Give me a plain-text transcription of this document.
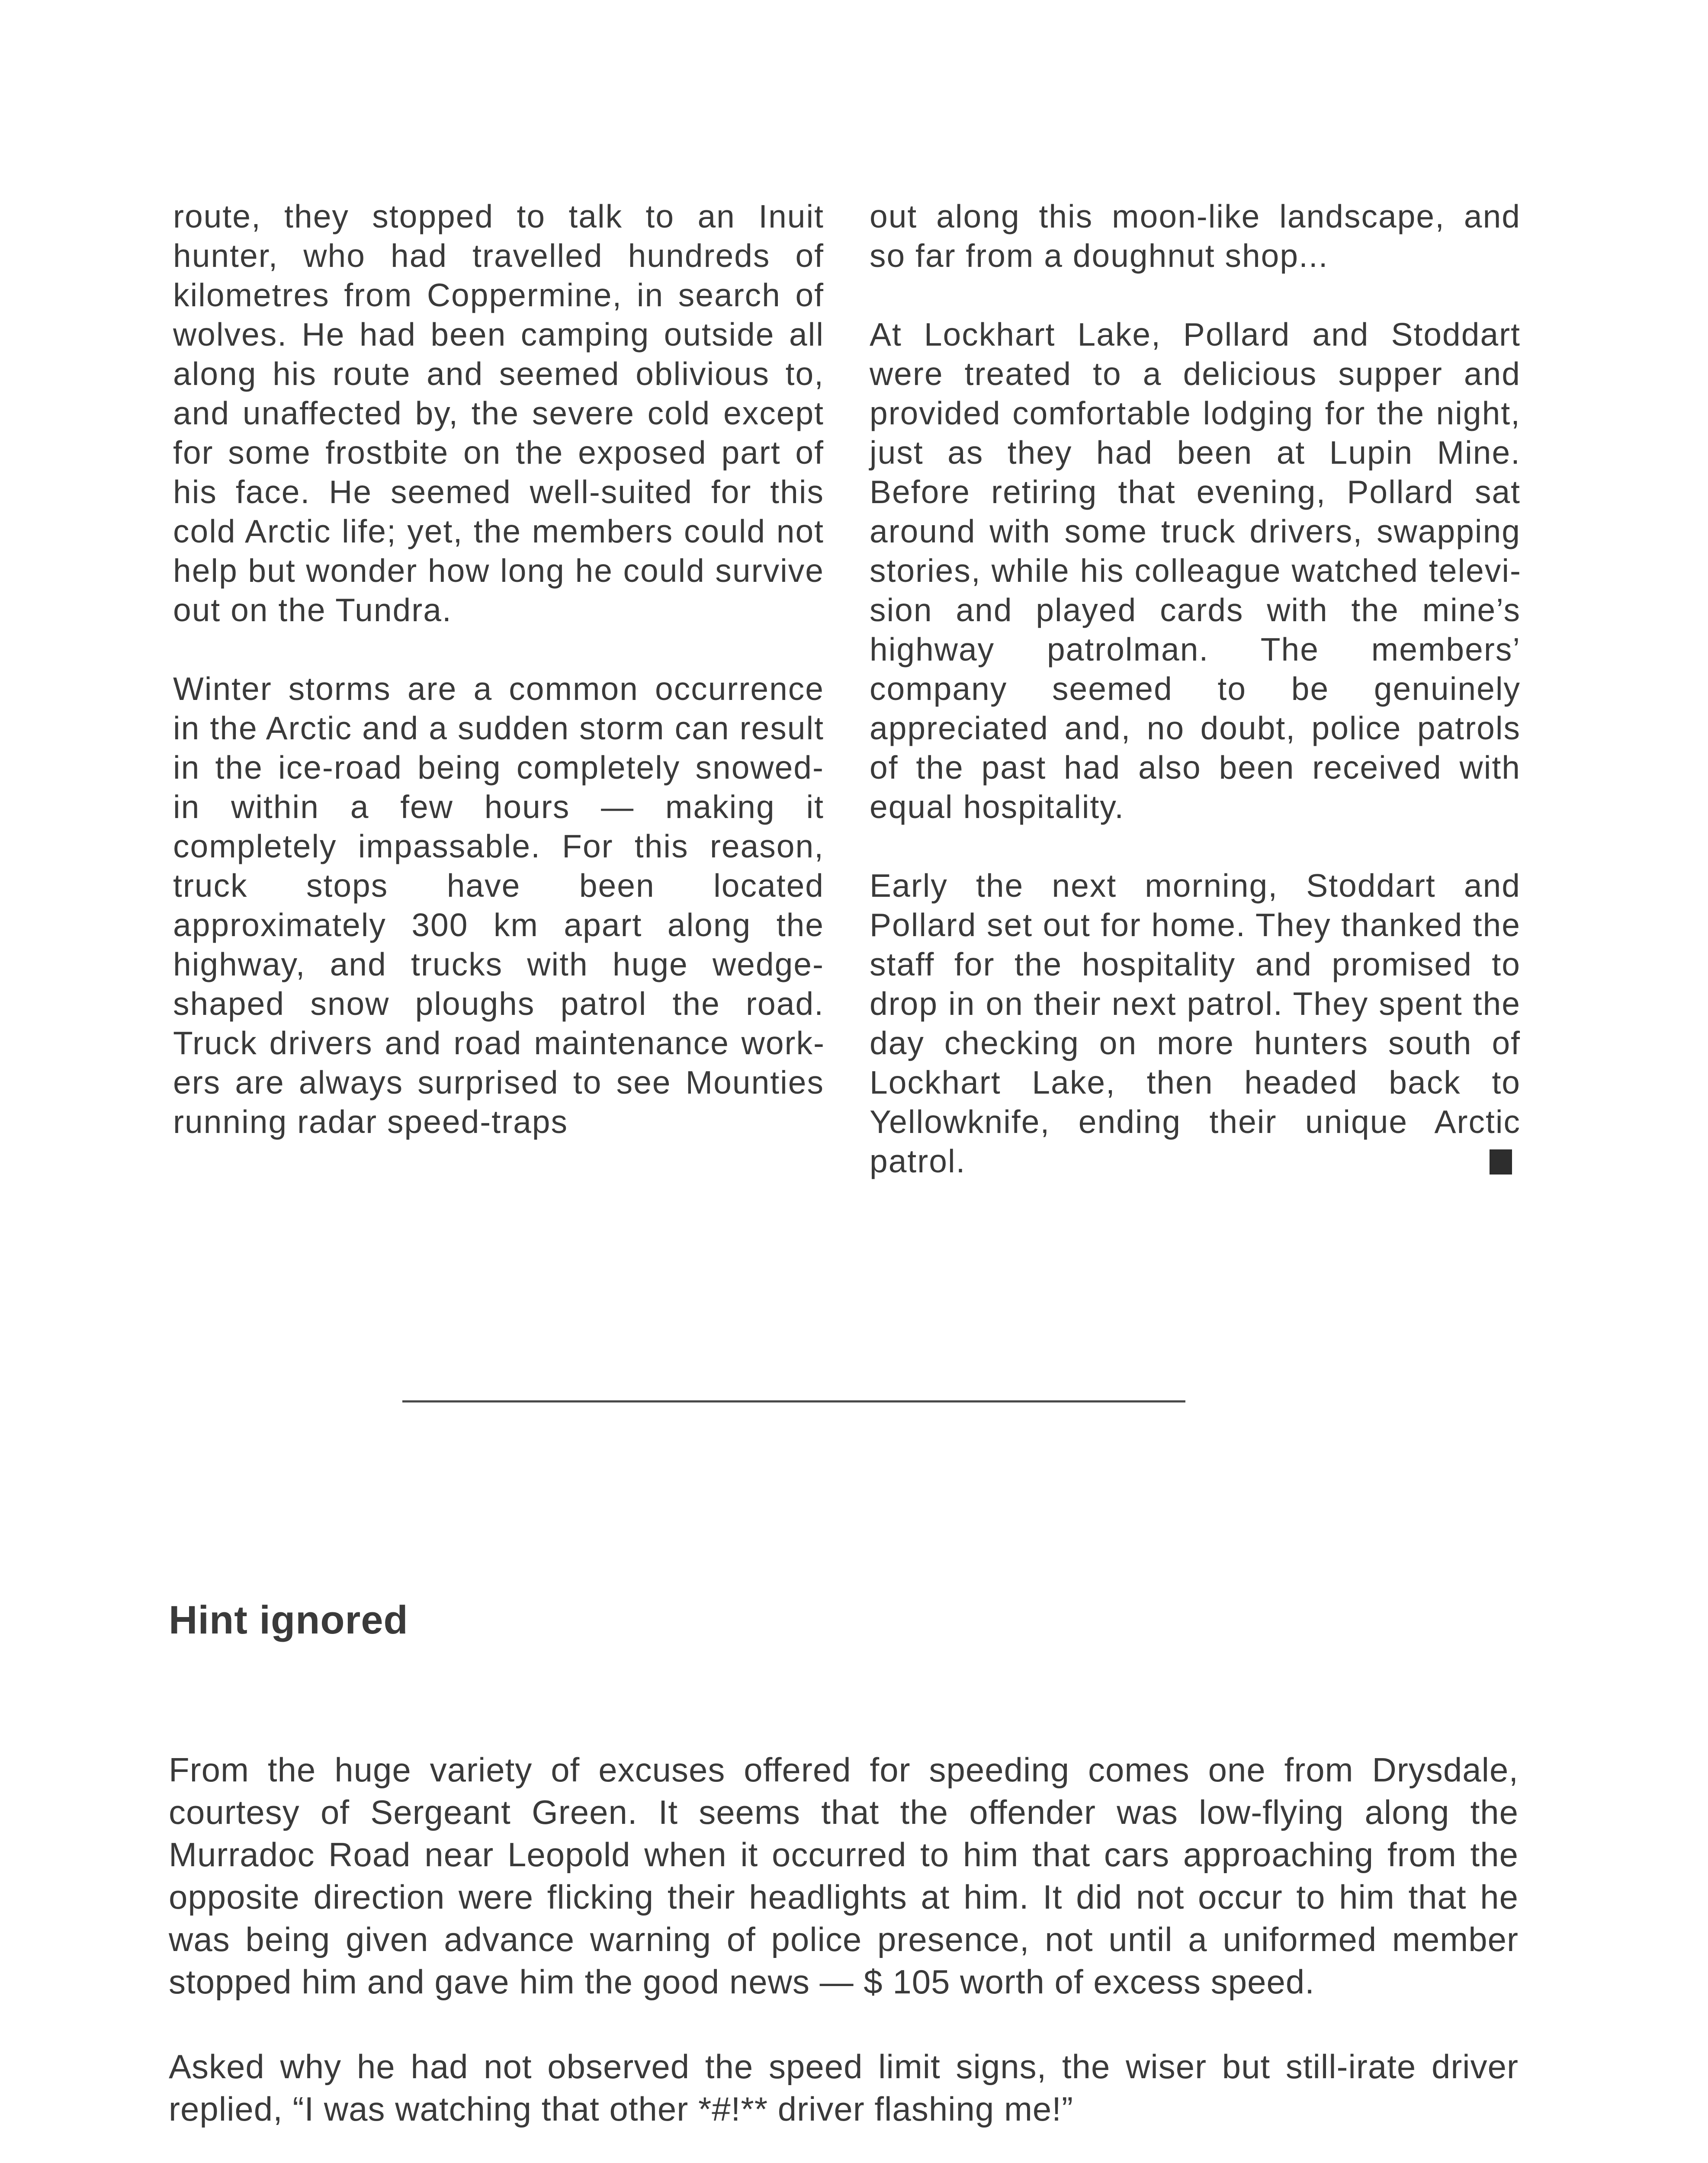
route, they stopped to talk to an Inuit hunter, who had travelled hundreds of kilometres from Coppermine, in search of wolves. He had been camping outside all along his route and seemed oblivious to, and unaffected by, the severe cold except for some frostbite on the exposed part of his face. He seemed well-suited for this cold Arctic life; yet, the members could not help but wonder how long he could survive out on the Tundra.

Winter storms are a common occurrence in the Arctic and a sudden storm can result in the ice-road being completely snowed-in within a few hours — making it completely impassable. For this reason, truck stops have been located approximately 300 km apart along the highway, and trucks with huge wedge-shaped snow ploughs patrol the road. Truck drivers and road maintenance workers are always surprised to see Mounties running radar speed-traps

out along this moon-like landscape, and so far from a doughnut shop...

At Lockhart Lake, Pollard and Stoddart were treated to a delicious supper and provided comfortable lodging for the night, just as they had been at Lupin Mine. Before retiring that evening, Pollard sat around with some truck drivers, swapping stories, while his colleague watched television and played cards with the mine’s highway patrolman. The members’ company seemed to be genuinely appreciated and, no doubt, police patrols of the past had also been received with equal hospitality.

Early the next morning, Stoddart and Pollard set out for home. They thanked the staff for the hospitality and promised to drop in on their next patrol. They spent the day checking on more hunters south of Lockhart Lake, then headed back to Yellowknife, ending their unique Arctic patrol.

Hint ignored

From the huge variety of excuses offered for speeding comes one from Drysdale, courtesy of Sergeant Green. It seems that the offender was low-flying along the Murradoc Road near Leopold when it occurred to him that cars approaching from the opposite direction were flicking their headlights at him. It did not occur to him that he was being given advance warning of police presence, not until a uniformed member stopped him and gave him the good news — $ 105 worth of excess speed.

Asked why he had not observed the speed limit signs, the wiser but still-irate driver replied, “I was watching that other *#!** driver flashing me!”
